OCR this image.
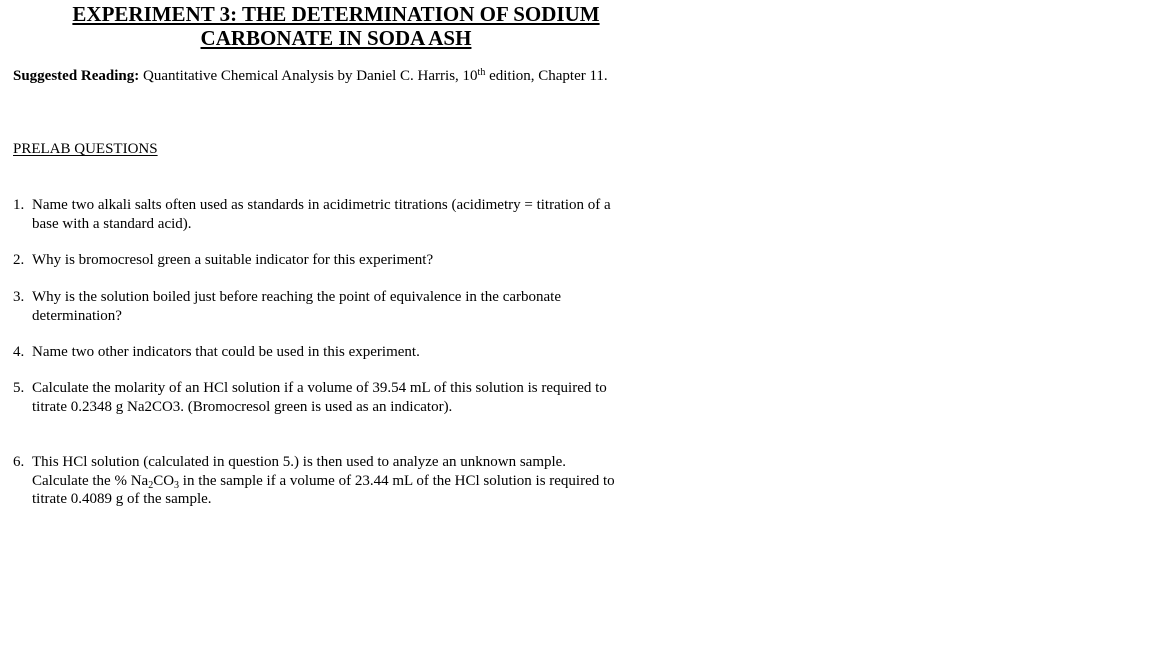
EXPERIMENT 3: THE DETERMINATION OF SODIUM
CARBONATE IN SODA ASH
Suggested Reading: Quantitative Chemical Analysis by Daniel C. Harris, 10th edition, Chapter 11.
PRELAB QUESTIONS
1. Name two alkali salts often used as standards in acidimetric titrations (acidimetry = titration of a
base with a standard acid).
2. Why is bromocresol green a suitable indicator for this experiment?
3. Why is the solution boiled just before reaching the point of equivalence in the carbonate
determination?
4. Name two other indicators that could be used in this experiment.
5. Calculate the molarity of an HCl solution if a volume of 39.54 mL of this solution is required to
titrate 0.2348 g Na2CO3. (Bromocresol green is used as an indicator).
6. This HCl solution (calculated in question 5.) is then used to analyze an unknown sample.
Calculate the % $Na_2CO_3$ in the sample if a volume of 23.44 mL of the HCl solution is required to
titrate 0.4089 g of the sample.
